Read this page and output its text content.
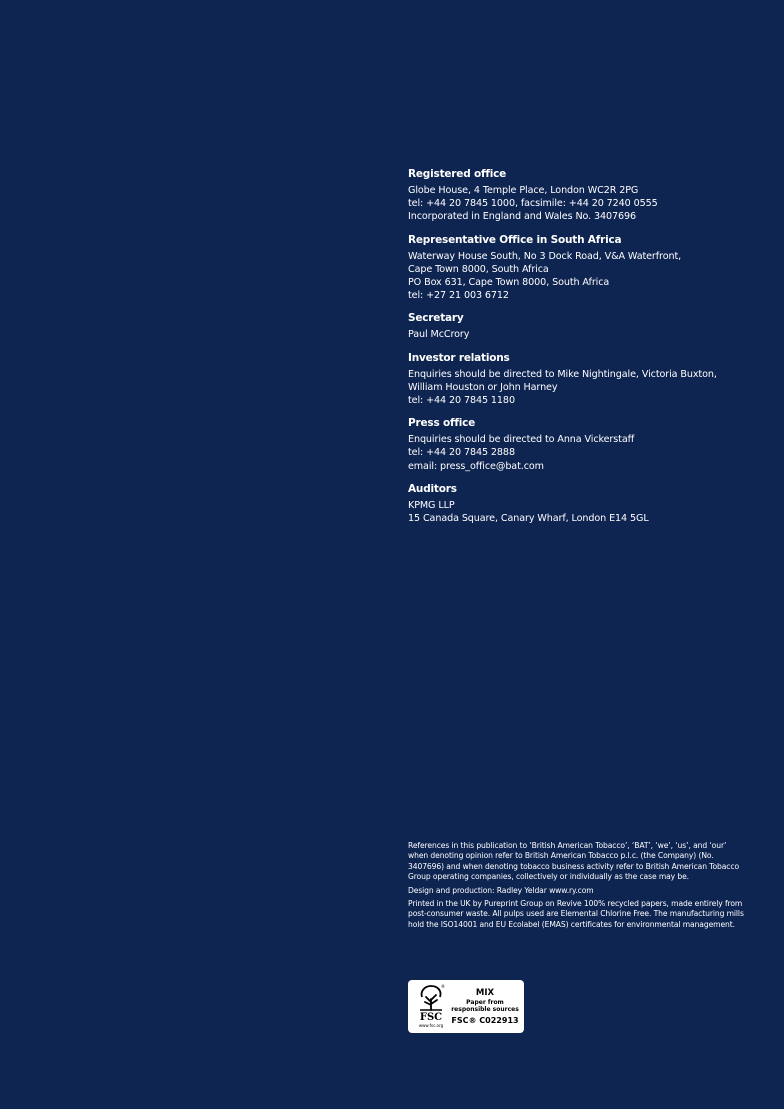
Registered office
Globe House, 4 Temple Place, London WC2R 2PG
tel: +44 20 7845 1000, facsimile: +44 20 7240 0555
Incorporated in England and Wales No. 3407696
Representative Office in South Africa
Waterway House South, No 3 Dock Road, V&A Waterfront,
Cape Town 8000, South Africa
PO Box 631, Cape Town 8000, South Africa
tel: +27 21 003 6712
Secretary
Paul McCrory
Investor relations
Enquiries should be directed to Mike Nightingale, Victoria Buxton,
William Houston or John Harney
tel: +44 20 7845 1180
Press office
Enquiries should be directed to Anna Vickerstaff
tel: +44 20 7845 2888
email: press_office@bat.com
Auditors
KPMG LLP
15 Canada Square, Canary Wharf, London E14 5GL

References in this publication to ‘British American Tobacco’, ‘BAT’, ‘we’, ‘us’, and ‘our’ when denoting opinion refer to British American Tobacco p.l.c. (the Company) (No. 3407696) and when denoting tobacco business activity refer to British American Tobacco Group operating companies, collectively or individually as the case may be.

Design and production: Radley Yeldar www.ry.com

Printed in the UK by Pureprint Group on Revive 100% recycled papers, made entirely from post-consumer waste. All pulps used are Elemental Chlorine Free. The manufacturing mills hold the ISO14001 and EU Ecolabel (EMAS) certificates for environmental management.

®
FSC
www.fsc.org
MIX
Paper from
responsible sources
FSC® C022913
